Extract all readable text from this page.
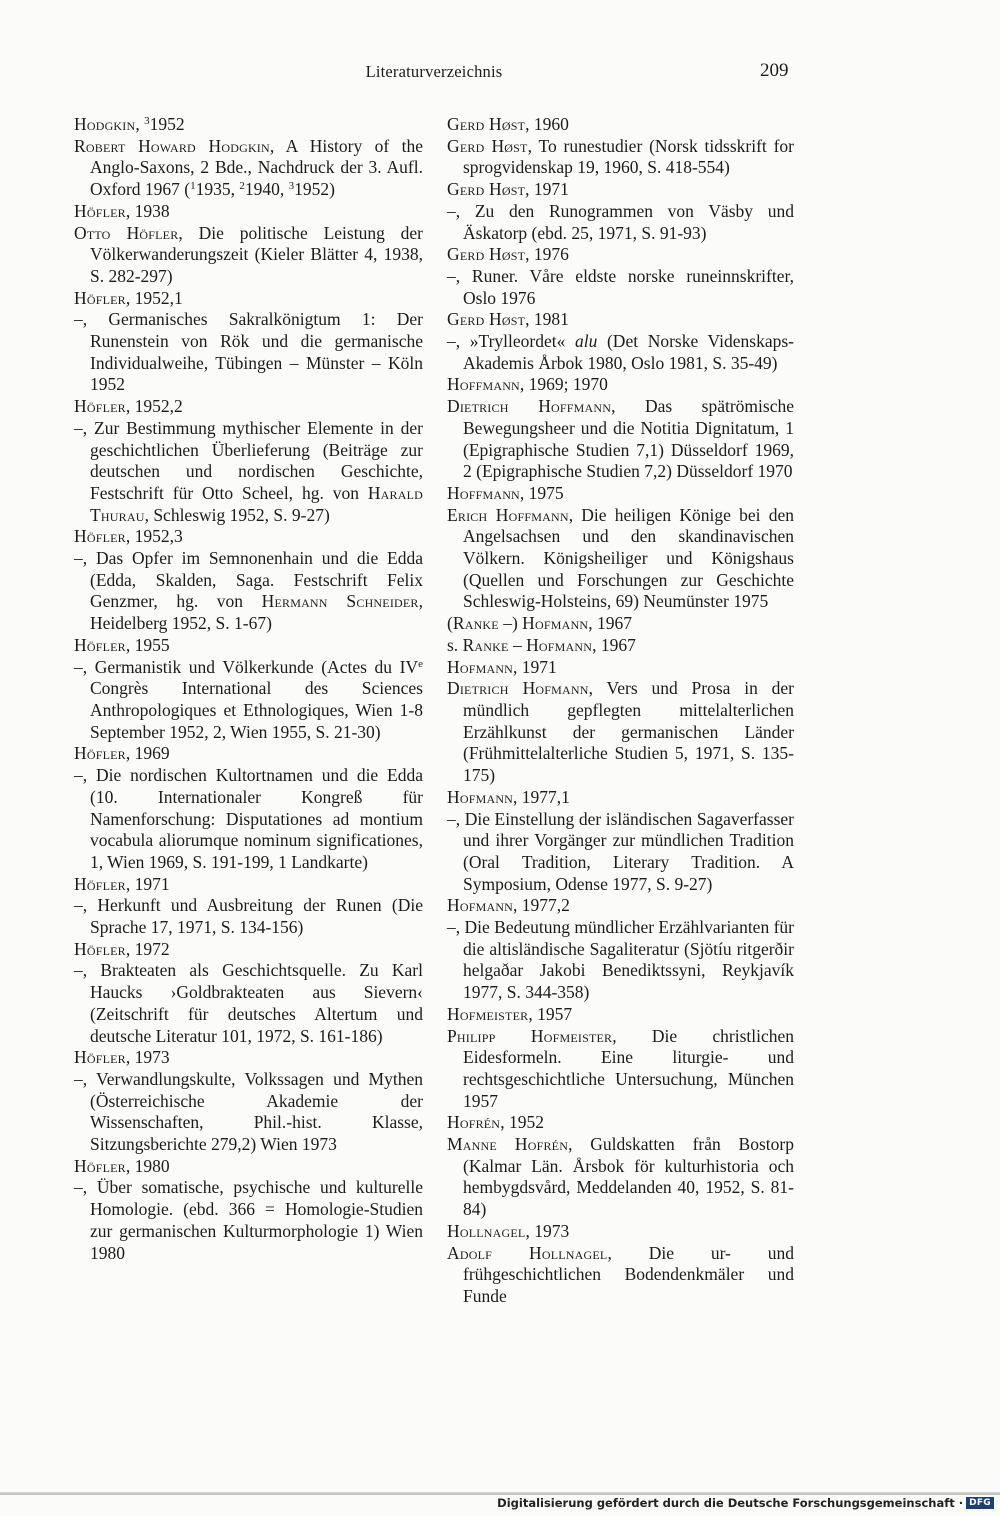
Literaturverzeichnis	209

Hodgkin, $^3$1952

Robert Howard Hodgkin, A History of the Anglo-Saxons, 2 Bde., Nachdruck der 3. Aufl. Oxford 1967 ($^1$1935, $^2$1940, $^3$1952)

Höfler, 1938

Otto Höfler, Die politische Leistung der Völkerwanderungszeit (Kieler Blätter 4, 1938, S. 282-297)

Höfler, 1952,1

–, Germanisches Sakralkönigtum 1: Der Runenstein von Rök und die germanische Individualweihe, Tübingen – Münster – Köln 1952

Höfler, 1952,2

–, Zur Bestimmung mythischer Elemente in der geschichtlichen Überlieferung (Beiträge zur deutschen und nordischen Geschichte, Festschrift für Otto Scheel, hg. von Harald Thurau, Schleswig 1952, S. 9-27)

Höfler, 1952,3

–, Das Opfer im Semnonenhain und die Edda (Edda, Skalden, Saga. Festschrift Felix Genzmer, hg. von Hermann Schneider, Heidelberg 1952, S. 1-67)

Höfler, 1955

–, Germanistik und Völkerkunde (Actes du IVe Congrès International des Sciences Anthropologiques et Ethnologiques, Wien 1-8 September 1952, 2, Wien 1955, S. 21-30)

Höfler, 1969

–, Die nordischen Kultortnamen und die Edda (10. Internationaler Kongreß für Namenforschung: Disputationes ad montium vocabula aliorumque nominum significationes, 1, Wien 1969, S. 191-199, 1 Landkarte)

Höfler, 1971

–, Herkunft und Ausbreitung der Runen (Die Sprache 17, 1971, S. 134-156)

Höfler, 1972

–, Brakteaten als Geschichtsquelle. Zu Karl Haucks ›Goldbrakteaten aus Sievern‹ (Zeitschrift für deutsches Altertum und deutsche Literatur 101, 1972, S. 161-186)

Höfler, 1973

–, Verwandlungskulte, Volkssagen und Mythen (Österreichische Akademie der Wissenschaften, Phil.-hist. Klasse, Sitzungsberichte 279,2) Wien 1973

Höfler, 1980

–, Über somatische, psychische und kulturelle Homologie. (ebd. 366 = Homologie-Studien zur germanischen Kulturmorphologie 1) Wien 1980

Gerd Høst, 1960

Gerd Høst, To runestudier (Norsk tidsskrift for sprogvidenskap 19, 1960, S. 418-554)

Gerd Høst, 1971

–, Zu den Runogrammen von Väsby und Äskatorp (ebd. 25, 1971, S. 91-93)

Gerd Høst, 1976

–, Runer. Våre eldste norske runeinnskrifter, Oslo 1976

Gerd Høst, 1981

–, »Trylleordet« alu (Det Norske Videnskaps-Akademis Årbok 1980, Oslo 1981, S. 35-49)

Hoffmann, 1969; 1970

Dietrich Hoffmann, Das spätrömische Bewegungsheer und die Notitia Dignitatum, 1 (Epigraphische Studien 7,1) Düsseldorf 1969, 2 (Epigraphische Studien 7,2) Düsseldorf 1970

Hoffmann, 1975

Erich Hoffmann, Die heiligen Könige bei den Angelsachsen und den skandinavischen Völkern. Königsheiliger und Königshaus (Quellen und Forschungen zur Geschichte Schleswig-Holsteins, 69) Neumünster 1975

(Ranke –) Hofmann, 1967

s. Ranke – Hofmann, 1967

Hofmann, 1971

Dietrich Hofmann, Vers und Prosa in der mündlich gepflegten mittelalterlichen Erzählkunst der germanischen Länder (Frühmittelalterliche Studien 5, 1971, S. 135-175)

Hofmann, 1977,1

–, Die Einstellung der isländischen Sagaverfasser und ihrer Vorgänger zur mündlichen Tradition (Oral Tradition, Literary Tradition. A Symposium, Odense 1977, S. 9-27)

Hofmann, 1977,2

–, Die Bedeutung mündlicher Erzählvarianten für die altisländische Sagaliteratur (Sjötíu ritgerðir helgaðar Jakobi Benediktssyni, Reykjavík 1977, S. 344-358)

Hofmeister, 1957

Philipp Hofmeister, Die christlichen Eidesformeln. Eine liturgie- und rechtsgeschichtliche Untersuchung, München 1957

Hofrén, 1952

Manne Hofrén, Guldskatten från Bostorp (Kalmar Län. Årsbok för kulturhistoria och hembygdsvård, Meddelanden 40, 1952, S. 81-84)

Hollnagel, 1973

Adolf Hollnagel, Die ur- und frühgeschichtlichen Bodendenkmäler und Funde

Digitalisierung gefördert durch die Deutsche Forschungsgemeinschaft · DFG
